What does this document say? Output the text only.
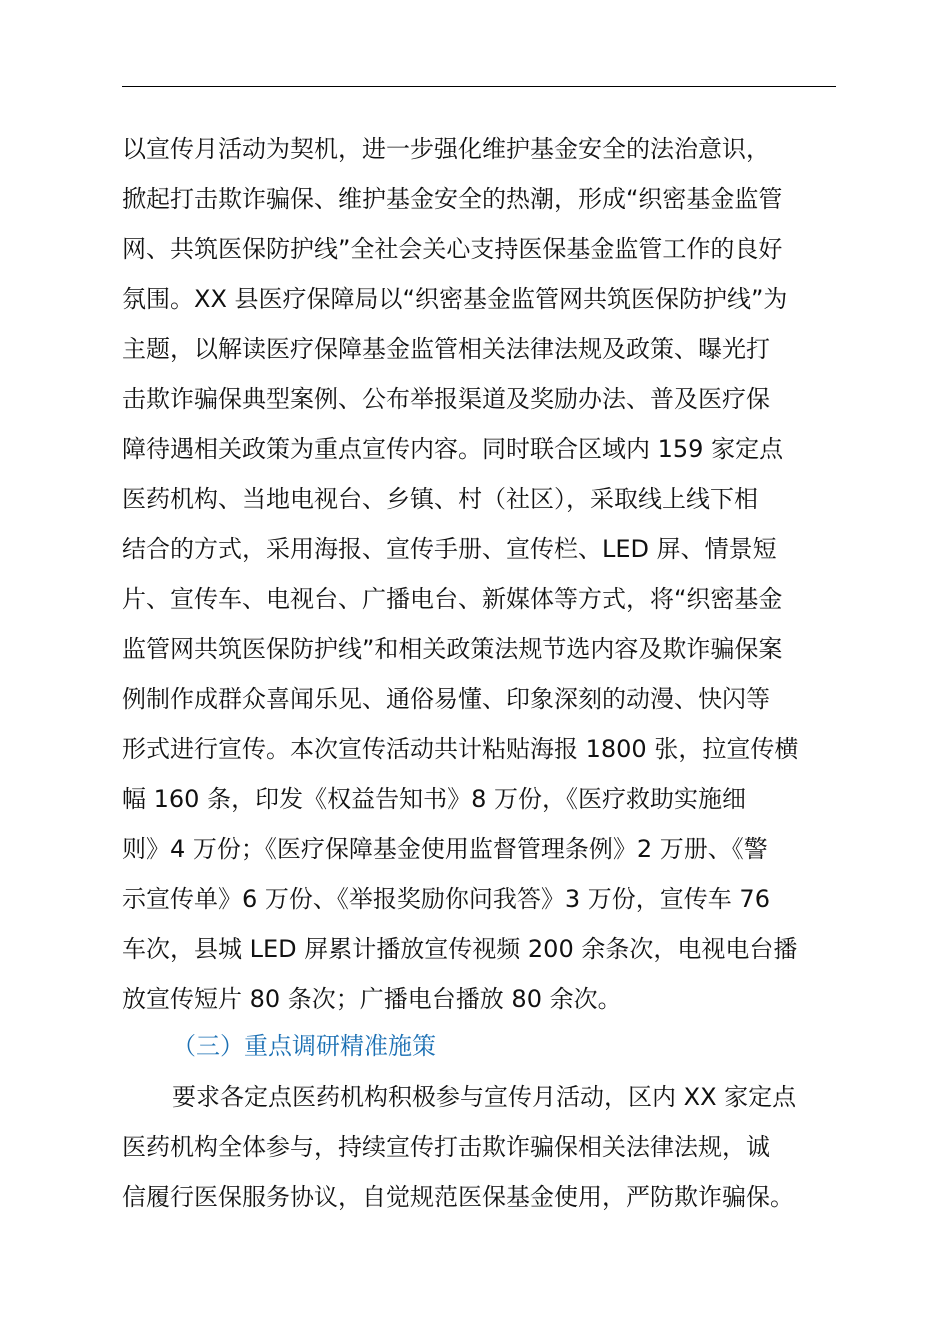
以宣传月活动为契机，进一步强化维护基金安全的法治意识，
掀起打击欺诈骗保、维护基金安全的热潮，形成“织密基金监管
网、共筑医保防护线”全社会关心支持医保基金监管工作的良好
氛围。XX 县医疗保障局以“织密基金监管网共筑医保防护线”为
主题，以解读医疗保障基金监管相关法律法规及政策、曝光打
击欺诈骗保典型案例、公布举报渠道及奖励办法、普及医疗保
障待遇相关政策为重点宣传内容。同时联合区域内 159 家定点
医药机构、当地电视台、乡镇、村（社区），采取线上线下相
结合的方式，采用海报、宣传手册、宣传栏、LED 屏、情景短
片、宣传车、电视台、广播电台、新媒体等方式，将“织密基金
监管网共筑医保防护线”和相关政策法规节选内容及欺诈骗保案
例制作成群众喜闻乐见、通俗易懂、印象深刻的动漫、快闪等
形式进行宣传。本次宣传活动共计粘贴海报 1800 张，拉宣传横
幅 160 条，印发《权益告知书》8 万份，《医疗救助实施细
则》4 万份；《医疗保障基金使用监督管理条例》2 万册、《警
示宣传单》6 万份、《举报奖励你问我答》3 万份，宣传车 76
车次，县城 LED 屏累计播放宣传视频 200 余条次，电视电台播
放宣传短片 80 条次；广播电台播放 80 余次。
（三）重点调研精准施策
要求各定点医药机构积极参与宣传月活动，区内 XX 家定点
医药机构全体参与，持续宣传打击欺诈骗保相关法律法规，诚
信履行医保服务协议，自觉规范医保基金使用，严防欺诈骗保。
